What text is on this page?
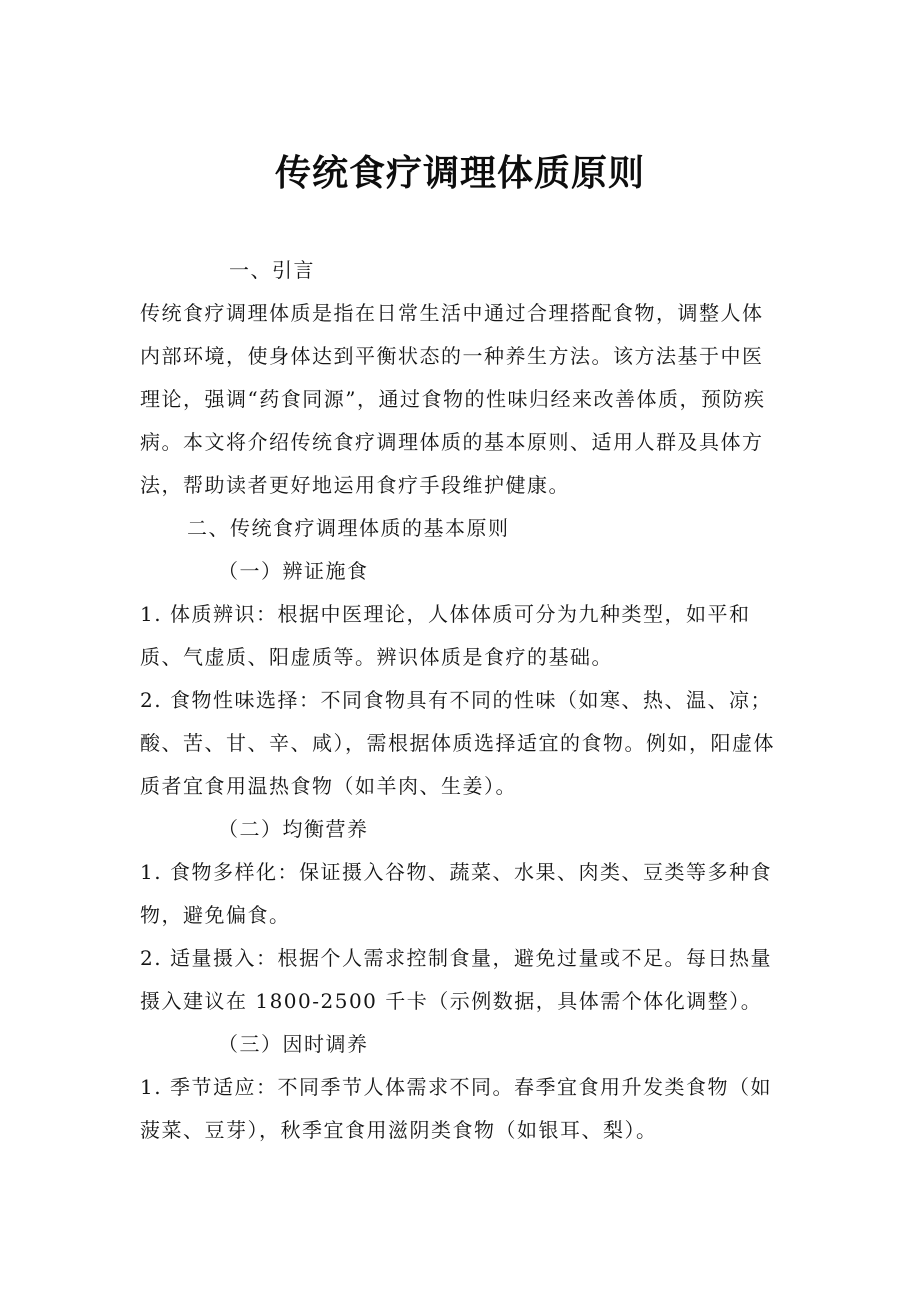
传统食疗调理体质原则
一、引言
传统食疗调理体质是指在日常生活中通过合理搭配食物，调整人体
内部环境，使身体达到平衡状态的一种养生方法。该方法基于中医
理论，强调“药食同源”，通过食物的性味归经来改善体质，预防疾
病。本文将介绍传统食疗调理体质的基本原则、适用人群及具体方
法，帮助读者更好地运用食疗手段维护健康。
二、传统食疗调理体质的基本原则
（一）辨证施食
1. 体质辨识：根据中医理论，人体体质可分为九种类型，如平和
质、气虚质、阳虚质等。辨识体质是食疗的基础。
2. 食物性味选择：不同食物具有不同的性味（如寒、热、温、凉；
酸、苦、甘、辛、咸），需根据体质选择适宜的食物。例如，阳虚体
质者宜食用温热食物（如羊肉、生姜）。
（二）均衡营养
1. 食物多样化：保证摄入谷物、蔬菜、水果、肉类、豆类等多种食
物，避免偏食。
2. 适量摄入：根据个人需求控制食量，避免过量或不足。每日热量
摄入建议在 1800-2500 千卡（示例数据，具体需个体化调整）。
（三）因时调养
1. 季节适应：不同季节人体需求不同。春季宜食用升发类食物（如
菠菜、豆芽），秋季宜食用滋阴类食物（如银耳、梨）。
